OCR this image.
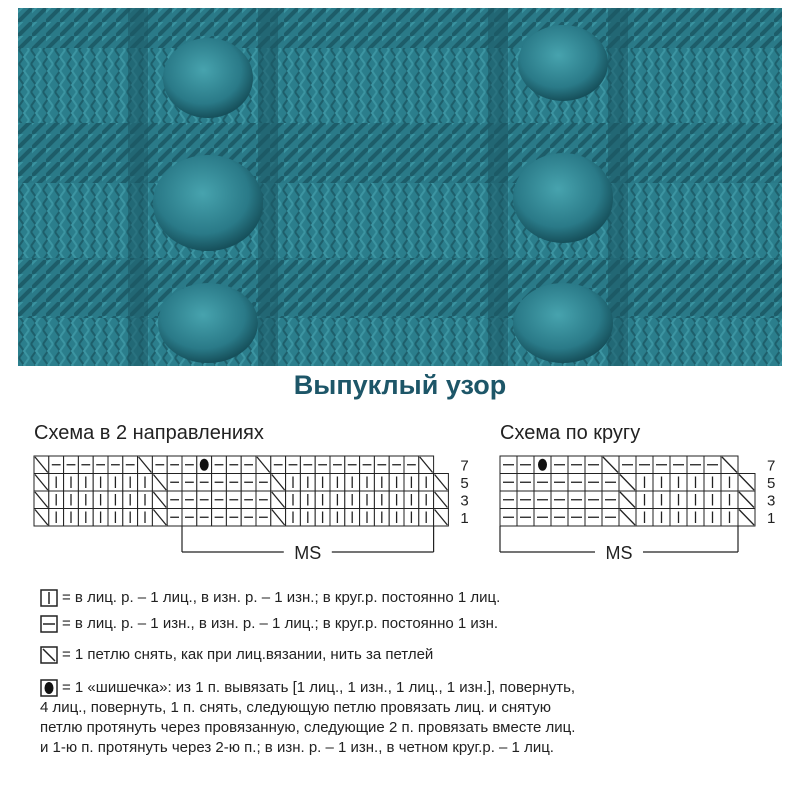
Выпуклый узор
Схема в 2 направлениях	Схема по кругу
7
5
3
1
MS
7
5
3
1
MS
= в лиц. р. – 1 лиц., в изн. р. – 1 изн.; в круг.р. постоянно 1 лиц.
= в лиц. р. – 1 изн., в изн. р. – 1 лиц.; в круг.р. постоянно 1 изн.
= 1 петлю снять, как при лиц.вязании, нить за петлей
= 1 «шишечка»: из 1 п. вывязать [1 лиц., 1 изн., 1 лиц., 1 изн.], повернуть,
4 лиц., повернуть, 1 п. снять, следующую петлю провязать лиц. и снятую
петлю протянуть через провязанную, следующие 2 п. провязать вместе лиц.
и 1-ю п. протянуть через 2-ю п.; в изн. р. – 1 изн., в четном круг.р. – 1 лиц.
